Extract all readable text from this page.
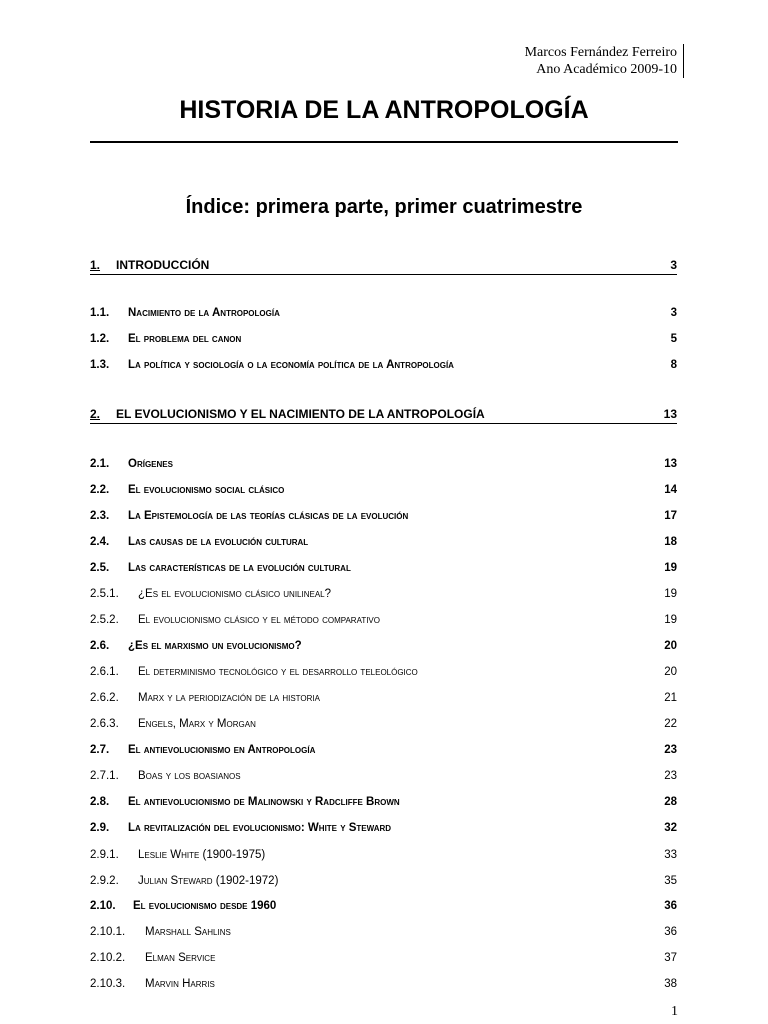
Marcos Fernández Ferreiro
Ano Académico 2009-10
HISTORIA DE LA ANTROPOLOGÍA
Índice: primera parte, primer cuatrimestre
1.	INTRODUCCIÓN	3
1.1.	Nacimiento de la Antropología	3
1.2.	El problema del canon	5
1.3.	La política y sociología o la economía política de la Antropología	8
2.	EL EVOLUCIONISMO Y EL NACIMIENTO DE LA ANTROPOLOGÍA	13
2.1.	Orígenes	13
2.2.	El evolucionismo social clásico	14
2.3.	La Epistemología de las teorías clásicas de la evolución	17
2.4.	Las causas de la evolución cultural	18
2.5.	Las características de la evolución cultural	19
2.5.1.	¿Es el evolucionismo clásico unilineal?	19
2.5.2.	El evolucionismo clásico y el método comparativo	19
2.6.	¿Es el marxismo un evolucionismo?	20
2.6.1.	El determinismo tecnológico y el desarrollo teleológico	20
2.6.2.	Marx y la periodización de la historia	21
2.6.3.	Engels, Marx y Morgan	22
2.7.	El antievolucionismo en Antropología	23
2.7.1.	Boas y los boasianos	23
2.8.	El antievolucionismo de Malinowski y Radcliffe Brown	28
2.9.	La revitalización del evolucionismo: White y Steward	32
2.9.1.	Leslie White (1900-1975)	33
2.9.2.	Julian Steward (1902-1972)	35
2.10.	El evolucionismo desde 1960	36
2.10.1.	Marshall Sahlins	36
2.10.2.	Elman Service	37
2.10.3.	Marvin Harris	38
1
